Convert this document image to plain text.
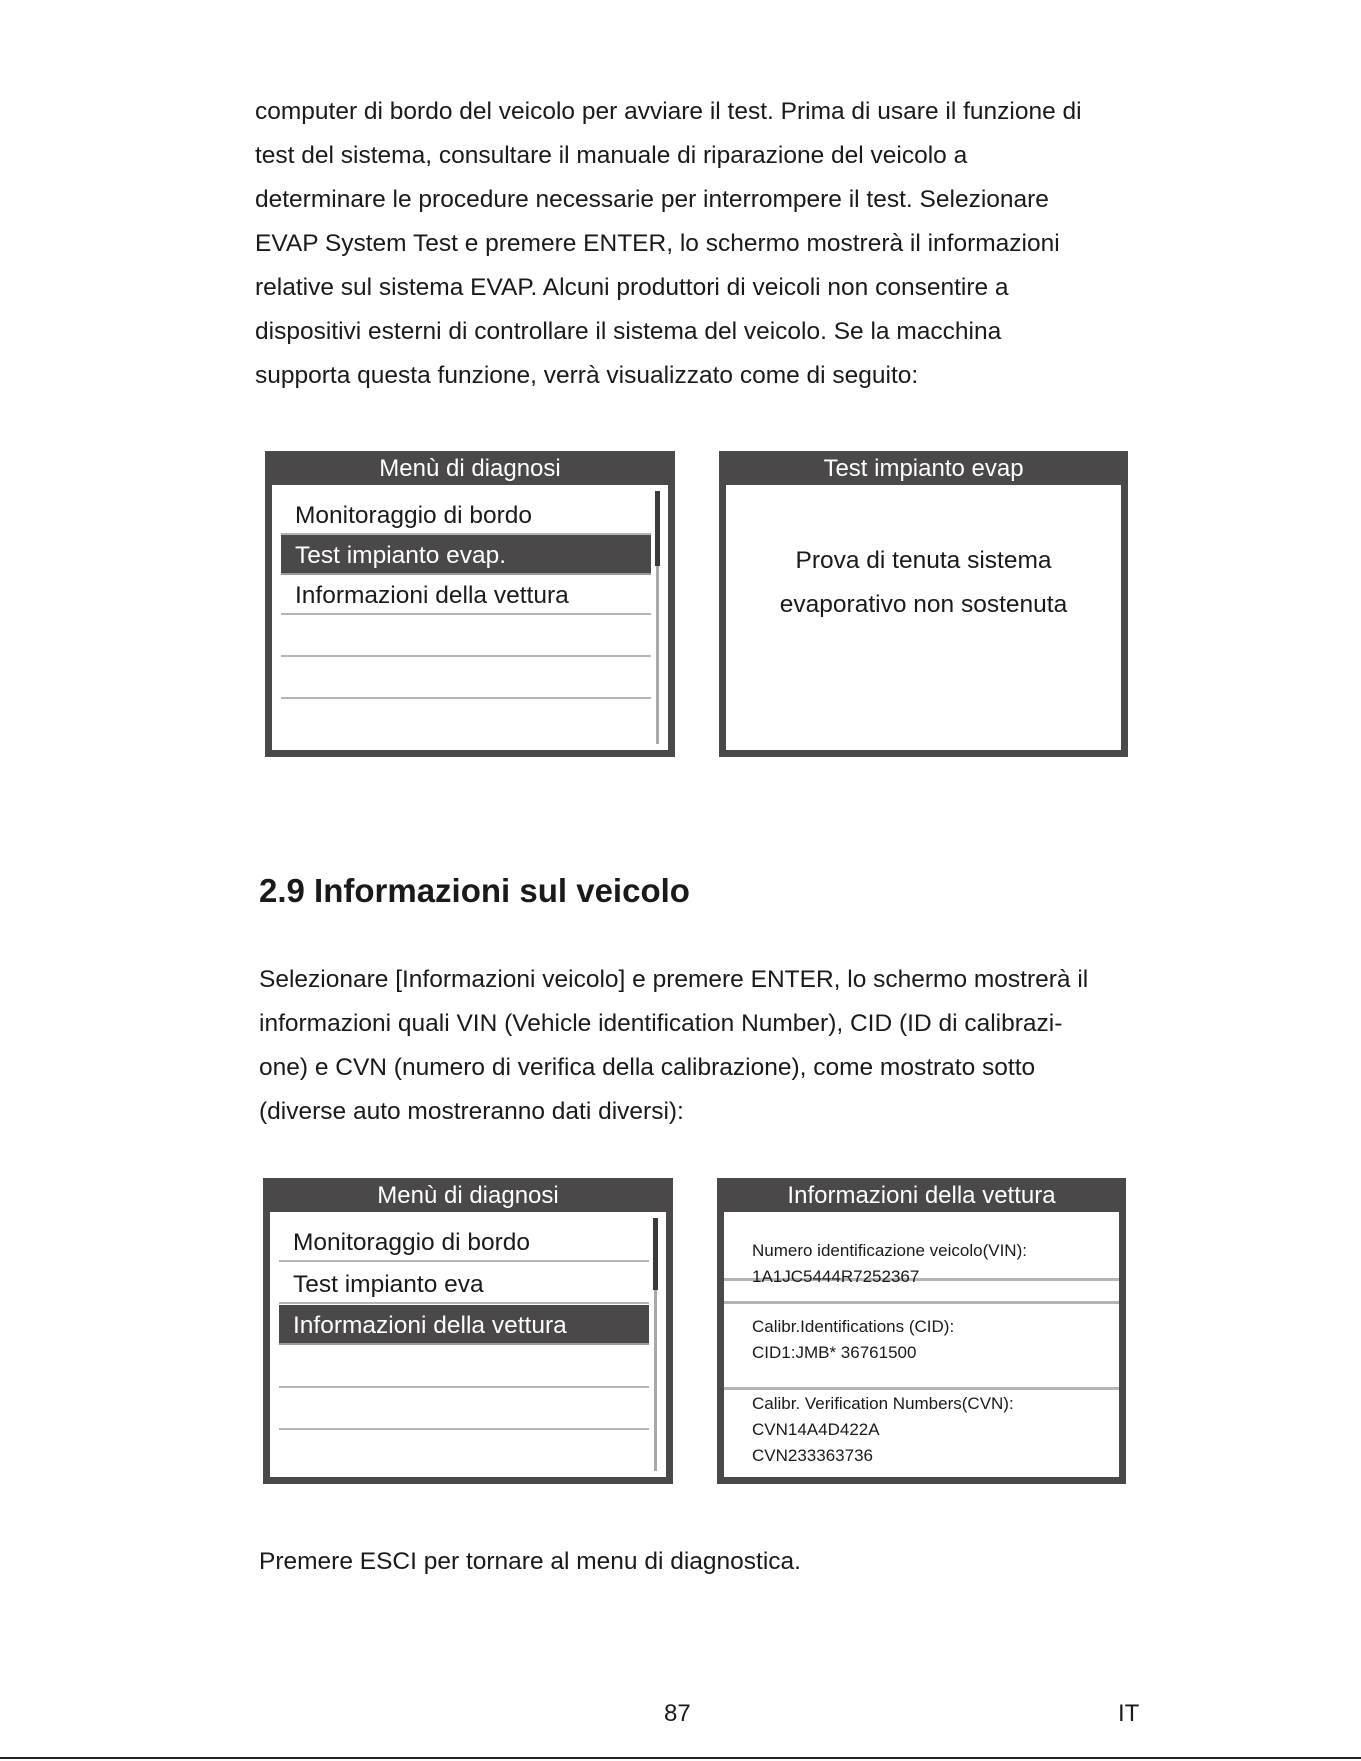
computer di bordo del veicolo per avviare il test. Prima di usare il funzione di
test del sistema, consultare il manuale di riparazione del veicolo a
determinare le procedure necessarie per interrompere il test. Selezionare
EVAP System Test e premere ENTER, lo schermo mostrerà il informazioni
relative sul sistema EVAP. Alcuni produttori di veicoli non consentire a
dispositivi esterni di controllare il sistema del veicolo. Se la macchina
supporta questa funzione, verrà visualizzato come di seguito:
Menù di diagnosi
Monitoraggio di bordo
Test impianto evap.
Informazioni della vettura
Test impianto evap
Prova di tenuta sistema
evaporativo non sostenuta
2.9 Informazioni sul veicolo
Selezionare [Informazioni veicolo] e premere ENTER, lo schermo mostrerà il
informazioni quali VIN (Vehicle identification Number), CID (ID di calibrazi-
one) e CVN (numero di verifica della calibrazione), come mostrato sotto
(diverse auto mostreranno dati diversi):
Menù di diagnosi
Monitoraggio di bordo
Test impianto eva
Informazioni della vettura
Informazioni della vettura
Numero identificazione veicolo(VIN):
1A1JC5444R7252367
Calibr.Identifications (CID):
CID1:JMB* 36761500
Calibr. Verification Numbers(CVN):
CVN14A4D422A
CVN233363736
Premere ESCI per tornare al menu di diagnostica.
87	IT
